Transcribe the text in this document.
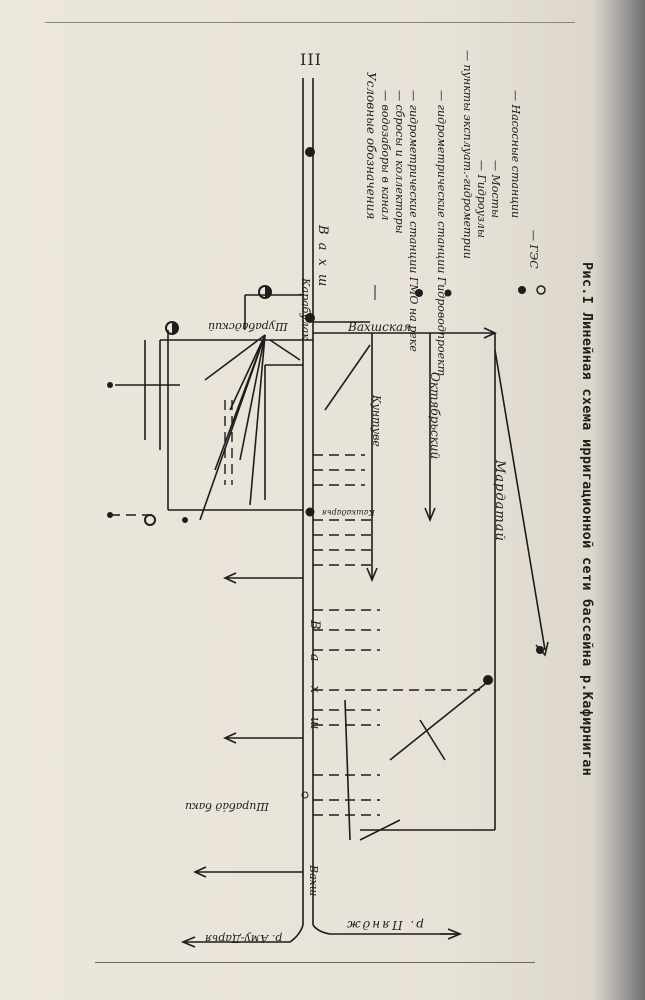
III
Рис.I Линейная схема ирригационной сети бассейна р.Кафирниган
Условные обозначения — водозаборы в канал — сбросы и коллекторы — гидрометрические станции ГМО на реке — гидрометрические станции Гидроводпроект — пункты эксплуат.-гидрометрии — Гидроузлы — Мосты — Насосные станции
— ГЭС
В а х ш
Карабулак	Вахшская
Шурабадский
Кунтуве	Октябрьский
Кашкадарья	Мардатай
В а х ш
Вахш
Шираба́д баки
р. Пяндж
р. Аму-Дарья
